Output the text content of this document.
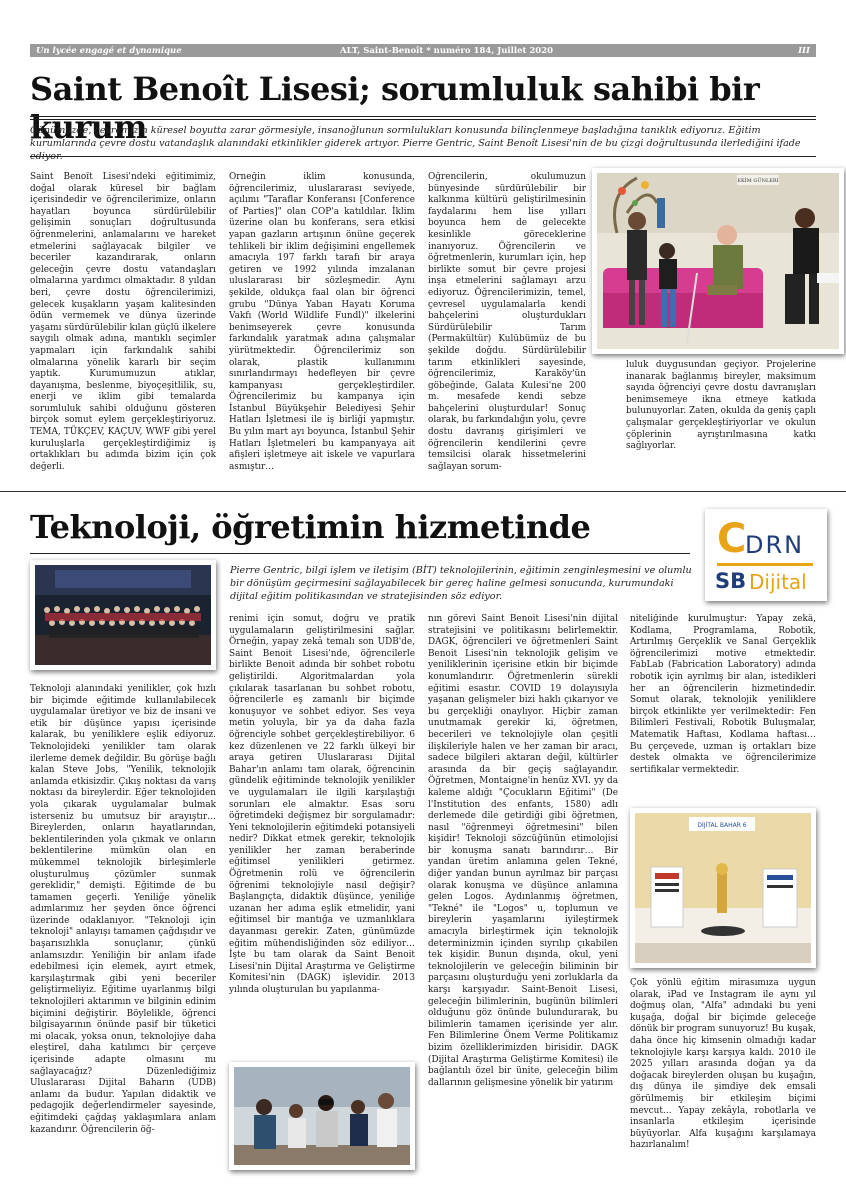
Un lycée engagé et dynamique	ALT, Saint-Benoît * numéro 184, Juillet 2020	III
Saint Benoît Lisesi; sorumluluk sahibi bir kurum

Günümüzde, çevremizin küresel boyutta zarar görmesiyle, insanoğlunun sormlulukları konusunda bilinçlenmeye başladığına tanıklık ediyoruz. Eğitim kurumlarında çevre dostu vatandaşlık alanındaki etkinlikler giderek artıyor. Pierre Gentric, Saint Benoît Lisesi'nin de bu çizgi doğrultusunda ilerlediğini ifade ediyor.

Saint Benoît Lisesi'ndeki eğitimimiz, doğal olarak küresel bir bağlam içerisindedir ve öğrencilerimize, onların hayatları boyunca sürdürülebilir gelişimin sonuçları doğrultusunda öğrenmelerini, anlamalarını ve hareket etmelerini sağlayacak bilgiler ve beceriler kazandırarak, onların geleceğin çevre dostu vatandaşları olmalarına yardımcı olmaktadır. 8 yıldan beri, çevre dostu öğrencilerimizi, gelecek kuşakların yaşam kalitesinden ödün vermemek ve dünya üzerinde yaşamı sürdürülebilir kılan güçlü ilkelere saygılı olmak adına, mantıklı seçimler yapmaları için farkındalık sahibi olmalarına yönelik kararlı bir seçim yaptık. Kurumumuzun atıklar, dayanışma, beslenme, biyoçeşitlilik, su, enerji ve iklim gibi temalarda sorumluluk sahibi olduğunu gösteren birçok somut eylem gerçekleştiriyoruz. TEMA, TÜKÇEV, KAÇUV, WWF gibi yerel kuruluşlarla gerçekleştirdiğimiz iş ortaklıkları bu adımda bizim için çok değerli.

Örneğin iklim konusunda, öğrencilerimiz, uluslararası seviyede, açılımı "Taraflar Konferansı [Conference of Parties]" olan COP'a katıldılar. İklim üzerine olan bu konferans, sera etkisi yapan gazların artışının önüne geçerek tehlikeli bir iklim değişimini engellemek amacıyla 197 farklı tarafı bir araya getiren ve 1992 yılında imzalanan uluslararası bir sözleşmedir. Aynı şekilde, oldukça faal olan bir öğrenci grubu "Dünya Yaban Hayatı Koruma Vakfı (World Wildlife Fundl)" ilkelerini benimseyerek çevre konusunda farkındalık yaratmak adına çalışmalar yürütmektedir. Öğrencilerimiz son olarak, plastik kullanımını sınırlandırmayı hedefleyen bir çevre kampanyası gerçekleştirdiler. Öğrencilerimiz bu kampanya için İstanbul Büyükşehir Belediyesi Şehir Hatları İşletmesi ile iş birliği yapmıştır. Bu yılın mart ayı boyunca, İstanbul Şehir Hatları İşletmeleri bu kampanyaya ait afişleri işletmeye ait iskele ve vapurlara asmıştır…

Öğrencilerin, okulumuzun bünyesinde sürdürülebilir bir kalkınma kültürü geliştirilmesinin faydalarını hem lise yılları boyunca hem de gelecekte kesinlikle göreceklerine inanıyoruz. Öğrencilerin ve öğretmenlerin, kurumları için, hep birlikte somut bir çevre projesi inşa etmelerini sağlamayı arzu ediyoruz. Öğrencilerimizin, temel, çevresel uygulamalarla kendi bahçelerini oluşturdukları Sürdürülebilir Tarım (Permakültür) Kulübümüz de bu şekilde doğdu. Sürdürülebilir tarım etkinlikleri sayesinde, öğrencilerimiz, Karaköy'ün göbeğinde, Galata Kulesi'ne 200 m. mesafede kendi sebze bahçelerini oluşturdular! Sonuç olarak, bu farkındalığın yolu, çevre dostu davranış girişimleri ve öğrencilerin kendilerini çevre temsilcisi olarak hissetmelerini sağlayan sorum-

luluk duygusundan geçiyor. Projelerine inanarak bağlanmış bireyler, maksimum sayıda öğrenciyi çevre dostu davranışları benimsemeye ikna etmeye katkıda bulunuyorlar. Zaten, okulda da geniş çaplı çalışmalar gerçekleştiriyorlar ve okulun çöplerinin ayrıştırılmasına katkı sağlıyorlar.

EKİM GÜNLERİ
Teknoloji, öğretimin hizmetinde	C
DRN
SB Dijital

Pierre Gentric, bilgi işlem ve iletişim (BİT) teknolojilerinin, eğitimin zenginleşmesini ve olumlu bir dönüşüm geçirmesini sağlayabilecek bir gereç haline gelmesi sonucunda, kurumundaki dijital eğitim politikasından ve stratejisinden söz ediyor.

Teknoloji alanındaki yenilikler, çok hızlı bir biçimde eğitimde kullanılabilecek uygulamalar üretiyor ve biz de insani ve etik bir düşünce yapısı içerisinde kalarak, bu yeniliklere eşlik ediyoruz. Teknolojideki yenilikler tam olarak ilerleme demek değildir. Bu görüşe bağlı kalan Steve Jobs, "Yenilik, teknolojik anlamda etkisizdir. Çıkış noktası da varış noktası da bireylerdir. Eğer teknolojiden yola çıkarak uygulamalar bulmak isterseniz bu umutsuz bir arayıştır… Bireylerden, onların hayatlarından, beklentilerinden yola çıkmak ve onların beklentilerine mümkün olan en mükemmel teknolojik birleşimlerle oluşturulmuş çözümler sunmak gereklidir," demişti. Eğitimde de bu tamamen geçerli. Yeniliğe yönelik adımlarımız her şeyden önce öğrenci üzerinde odaklanıyor. "Teknoloji için teknoloji" anlayışı tamamen çağdışıdır ve başarısızlıkla sonuçlanır, çünkü anlamsızdır. Yeniliğin bir anlam ifade edebilmesi için elemek, ayırt etmek, karşılaştırmak gibi yeni beceriler geliştirmeliyiz. Eğitime uyarlanmış bilgi teknolojileri aktarımın ve bilginin edinim biçimini değiştirir. Böylelikle, öğrenci bilgisayarının önünde pasif bir tüketici mi olacak, yoksa onun, teknolojiye daha eleştirel, daha katılımcı bir çerçeve içerisinde adapte olmasını mı sağlayacağız? Düzenlediğimiz Uluslararası Dijital Baharın (UDB) anlamı da budur. Yapılan didaktik ve pedagojik değerlendirmeler sayesinde, eğitimdeki çağdaş yaklaşımlara anlam kazandırır. Öğrencilerin öğ-

renimi için somut, doğru ve pratik uygulamaların geliştirilmesini sağlar. Örneğin, yapay zekâ temalı son UDB'de, Saint Benoit Lisesi'nde, öğrencilerle birlikte Benoit adında bir sohbet robotu geliştirildi. Algoritmalardan yola çıkılarak tasarlanan bu sohbet robotu, öğrencilerle eş zamanlı bir biçimde konuşuyor ve sohbet ediyor. Ses veya metin yoluyla, bir ya da daha fazla öğrenciyle sohbet gerçekleştirebiliyor. 6 kez düzenlenen ve 22 farklı ülkeyi bir araya getiren Uluslararası Dijital Bahar'ın anlamı tam olarak, öğrencinin gündelik eğitiminde teknolojik yenilikler ve uygulamaları ile ilgili karşılaştığı sorunları ele almaktır. Esas soru öğretimdeki değişmez bir sorgulamadır: Yeni teknolojilerin eğitimdeki potansiyeli nedir? Dikkat etmek gerekir, teknolojik yenilikler her zaman beraberinde eğitimsel yenilikleri getirmez. Öğretmenin rolü ve öğrencilerin öğrenimi teknolojiyle nasıl değişir? Başlangıçta, didaktik düşünce, yeniliğe uzanan her adıma eşlik etmelidir, yani eğitimsel bir mantığa ve uzmanlıklara dayanması gerekir. Zaten, günümüzde eğitim mühendisliğinden söz ediliyor… İşte bu tam olarak da Saint Benoit Lisesi'nin Dijital Araştırma ve Geliştirme Komitesi'nin (DAGK) işlevidir. 2013 yılında oluşturulan bu yapılanma-

nın görevi Saint Benoit Lisesi'nin dijital stratejisini ve politikasını belirlemektir. DAGK, öğrencileri ve öğretmenleri Saint Benoit Lisesi'nin teknolojik gelişim ve yeniliklerinin içerisine etkin bir biçimde konumlandırır. Öğretmenlerin sürekli eğitimi esastır. COVID 19 dolayısıyla yaşanan gelişmeler bizi haklı çıkarıyor ve bu gerçekliği onaylıyor. Hiçbir zaman unutmamak gerekir ki, öğretmen, becerileri ve teknolojiyle olan çeşitli ilişkileriyle halen ve her zaman bir aracı, sadece bilgileri aktaran değil, kültürler arasında da bir geçiş sağlayandır. Öğretmen, Montaigne'in henüz XVI. yy da kaleme aldığı "Çocukların Eğitimi" (De l'Institution des enfants, 1580) adlı derlemede dile getirdiği gibi öğretmen, nasıl "öğrenmeyi öğretmesini" bilen kişidir! Teknoloji sözcüğünün etimolojisi bir konuşma sanatı barındırır… Bir yandan üretim anlamına gelen Tekné, diğer yandan bunun ayrılmaz bir parçası olarak konuşma ve düşünce anlamına gelen Logos. Aydınlanmış öğretmen, "Tekné" ile "Logos" u, toplumun ve bireylerin yaşamlarını iyileştirmek amacıyla birleştirmek için teknolojik determinizmin içinden sıyrılıp çıkabilen tek kişidir. Bunun dışında, okul, yeni teknolojilerin ve geleceğin biliminin bir parçasını oluşturduğu yeni zorluklarla da karşı karşıyadır. Saint-Benoit Lisesi, geleceğin bilimlerinin, bugünün bilimleri olduğunu göz önünde bulundurarak, bu bilimlerin tamamen içerisinde yer alır. Fen Bilimlerine Önem Verme Politikamız bizim özelliklerimizden birisidir. DAGK (Dijital Araştırma Geliştirme Komitesi) ile bağlantılı özel bir ünite, geleceğin bilim dallarının gelişmesine yönelik bir yatırım

niteliğinde kurulmuştur: Yapay zekâ, Kodlama, Programlama, Robotik, Artırılmış Gerçeklik ve Sanal Gerçeklik öğrencilerimizi motive etmektedir. FabLab (Fabrication Laboratory) adında robotik için ayrılmış bir alan, istedikleri her an öğrencilerin hizmetindedir. Somut olarak, teknolojik yeniliklere birçok etkinlikte yer verilmektedir: Fen Bilimleri Festivali, Robotik Buluşmalar, Matematik Haftası, Kodlama haftası… Bu çerçevede, uzman iş ortakları bize destek olmakta ve öğrencilerimize sertifikalar vermektedir.

Çok yönlü eğitim mirasımıza uygun olarak, iPad ve Instagram ile aynı yıl doğmuş olan, "Alfa" adındaki bu yeni kuşağa, doğal bir biçimde geleceğe dönük bir program sunuyoruz! Bu kuşak, daha önce hiç kimsenin olmadığı kadar teknolojiyle karşı karşıya kaldı. 2010 ile 2025 yılları arasında doğan ya da doğacak bireylerden oluşan bu kuşağın, dış dünya ile şimdiye dek emsali görülmemiş bir etkileşim biçimi mevcut… Yapay zekâyla, robotlarla ve insanlarla etkileşim içerisinde büyüyorlar. Alfa kuşağını karşılamaya hazırlanalım!

DİJİTAL BAHAR 6
